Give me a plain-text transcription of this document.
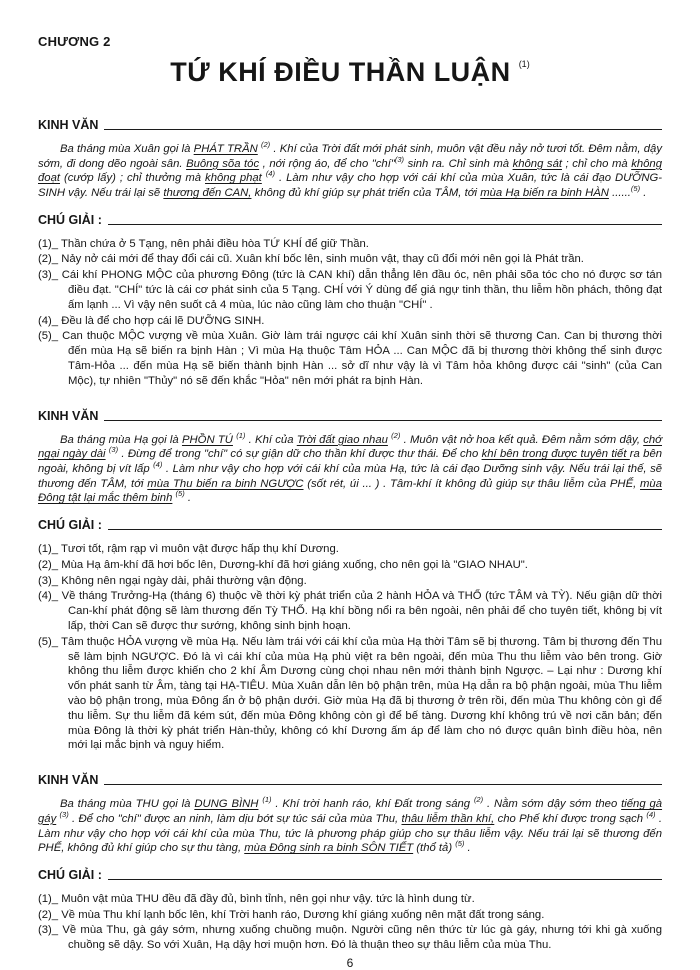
CHƯƠNG 2
TỨ KHÍ ĐIỀU THẦN LUẬN $^{(1)}$
KINH VĂN

Ba tháng mùa Xuân gọi là PHÁT TRẦN $^{(2)}$ . Khí của Trời đất mới phát sinh, muôn vật đều nảy nở tươi tốt. Đêm nằm, dậy sớm, đi dong dẽo ngoài sân. Buông sõa tóc , nới rộng áo, để cho "chí"$^{(3)}$ sinh ra. Chỉ sinh mà không sát ; chỉ cho mà không đoạt (cướp lấy) ; chỉ thưởng mà không phạt $^{(4)}$ . Làm như vậy cho hợp với cái khí của mùa Xuân, tức là cái đạo DƯỠNG-SINH vậy. Nếu trái lại sẽ thương đến CAN, không đủ khí giúp sự phát triển của TÂM, tới mùa Hạ biến ra binh HÀN ......$^{(5)}$ .

CHÚ GIẢI :
(1)_ Thần chứa ở 5 Tạng, nên phải điều hòa TỨ KHÍ để giữ Thần.
(2)_ Nảy nở cái mới để thay đổi cái cũ. Xuân khí bốc lên, sinh muôn vật, thay cũ đổi mới nên gọi là Phát trần.
(3)_ Cái khí PHONG MỘC của phương Đông (tức là CAN khí) dẫn thẳng lên đầu óc, nên phải sõa tóc cho nó được sơ tán điều đạt. "CHÍ" tức là cái cơ phát sinh của 5 Tạng. CHÍ với Ý dùng để giá ngự tinh thần, thu liễm hồn phách, thông đạt ấm lạnh ... Vì vậy nên suốt cả 4 mùa, lúc nào cũng làm cho thuận "CHÍ" .
(4)_ Đều là để cho hợp cái lẽ DƯỠNG SINH.
(5)_ Can thuộc MỘC vượng về mùa Xuân. Giờ làm trái ngược cái khí Xuân sinh thời sẽ thương Can. Can bị thương thời đến mùa Hạ sẽ biến ra bịnh Hàn ; Vì mùa Hạ thuộc Tâm HỎA ... Can MỘC đã bị thương thời không thể sinh được Tâm-Hỏa ... đến mùa Hạ sẽ biến thành bịnh Hàn ... sở dĩ như vậy là vì Tâm hỏa không được cái "sinh" (của Can Mộc), tự nhiên "Thủy" nó sẽ đến khắc "Hỏa" nên mới phát ra bịnh Hàn.
KINH VĂN

Ba tháng mùa Hạ gọi là PHỒN TÚ $^{(1)}$ . Khí của Trời đất giao nhau $^{(2)}$ . Muôn vật nở hoa kết quả. Đêm nằm sớm dậy, chớ ngại ngày dài $^{(3)}$ . Đừng để trong "chí" có sự giận dữ cho thần khí được thư thái. Để cho khí bên trong được tuyên tiết ra bên ngoài, không bị vít lấp $^{(4)}$ . Làm như vậy cho hợp với cái khí của mùa Hạ, tức là cái đạo Dưỡng sinh vậy. Nếu trái lại thế, sẽ thương đến TÂM, tới mùa Thu biến ra binh NGƯỢC (sốt rét, úi ... ) . Tâm-khí ít không đủ giúp sự thâu liễm của PHẾ, mùa Đông tật lại mắc thêm binh $^{(5)}$ .

CHÚ GIẢI :
(1)_ Tươi tốt, rậm rạp vì muôn vật được hấp thụ khí Dương.
(2)_ Mùa Hạ âm-khí đã hơi bốc lên, Dương-khí đã hơi giáng xuống, cho nên gọi là "GIAO NHAU".
(3)_ Không nên ngại ngày dài, phải thường vận động.
(4)_ Về tháng Trưởng-Hạ (tháng 6) thuộc về thời kỳ phát triển của 2 hành HỎA và THỔ (tức TÂM và TỲ). Nếu giận dữ thời Can-khí phát động sẽ làm thương đến Tỳ THỔ. Hạ khí bồng nổi ra bên ngoài, nên phải để cho tuyên tiết, không bị vít lấp, thời Can sẽ được thư sướng, không sinh bịnh hoạn.
(5)_ Tâm thuộc HỎA vượng về mùa Hạ. Nếu làm trái với cái khí của mùa Hạ thời Tâm sẽ bị thương. Tâm bị thương đến Thu sẽ làm bịnh NGƯỢC. Đó là vì cái khí của mùa Hạ phù việt ra bên ngoài, đến mùa Thu thu liễm vào bên trong. Giờ không thu liễm được khiến cho 2 khí Âm Dương cùng chọi nhau nên mới thành bịnh Ngược. – Lại như : Dương khí vốn phát sanh từ Âm, tàng tại HẠ-TIÊU. Mùa Xuân dẫn lên bộ phận trên, mùa Hạ dẫn ra bộ phận ngoài, mùa Thu liễm vào bộ phận trong, mùa Đông ẩn ở bộ phận dưới. Giờ mùa Hạ đã bị thương ở trên rồi, đến mùa Thu không còn gì để thu liễm. Sự thu liễm đã kém sút, đến mùa Đông không còn gì để bế tàng. Dương khí không trú về nơi căn bản; đến mùa Đông là thời kỳ phát triển Hàn-thủy, không có khí Dương ấm áp để làm cho nó được quân bình điều hòa, nên mới lại mắc bịnh và nguy hiểm.
KINH VĂN

Ba tháng mùa THU gọi là DUNG BÌNH $^{(1)}$ . Khí trời hanh ráo, khí Đất trong sáng $^{(2)}$ . Nằm sớm dậy sớm theo tiếng gà gáy $^{(3)}$ . Để cho "chí" được an ninh, làm dịu bớt sự túc sái của mùa Thu, thâu liễm thần khí, cho Phế khí được trong sạch $^{(4)}$ . Làm như vậy cho hợp với cái khí của mùa Thu, tức là phương pháp giúp cho sự thâu liễm vậy. Nếu trái lại sẽ thương đến PHẾ, không đủ khí giúp cho sự thu tàng, mùa Đông sinh ra binh SÔN TIẾT (thổ tả) $^{(5)}$ .

CHÚ GIẢI :
(1)_ Muôn vật mùa THU đều đã đầy đủ, bình tỉnh, nên gọi như vậy. tức là hình dung từ.
(2)_ Về mùa Thu khí lạnh bốc lên, khí Trời hanh ráo, Dương khí giáng xuống nên mặt đất trong sáng.
(3)_ Về mùa Thu, gà gáy sớm, nhưng xuống chuồng muộn. Người cũng nên thức từ lúc gà gáy, nhưng tới khi gà xuống chuồng sẽ dậy. So với Xuân, Hạ dậy hơi muộn hơn. Đó là thuận theo sự thâu liễm của mùa Thu.
6
